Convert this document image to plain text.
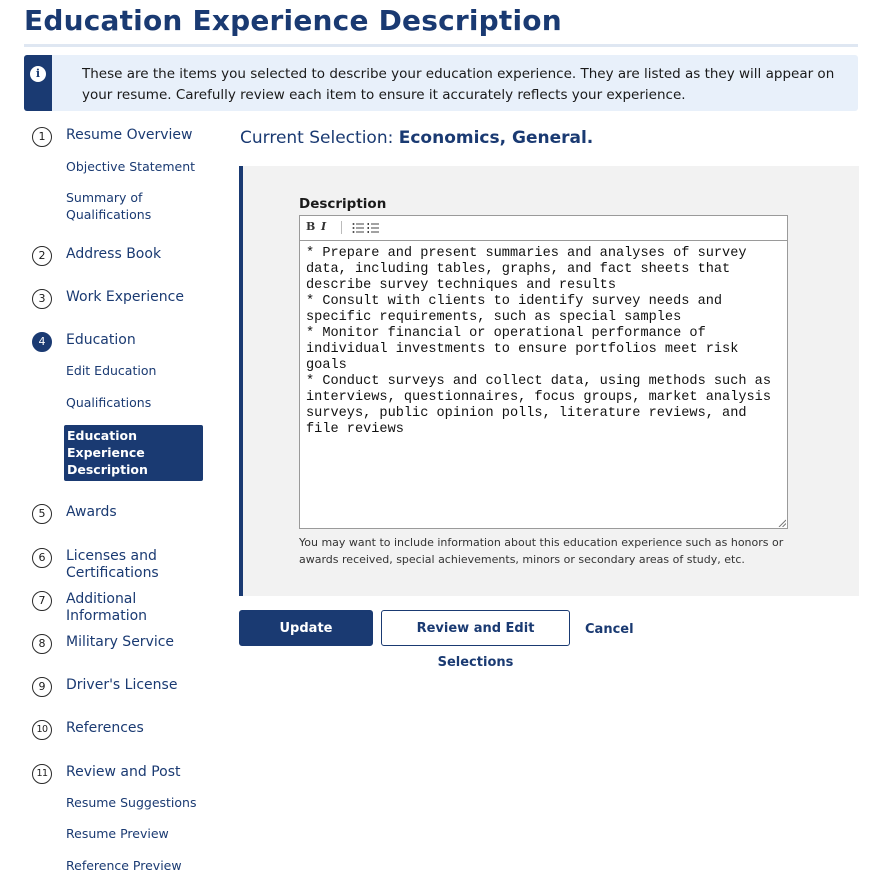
Education Experience Description
i	These are the items you selected to describe your education experience. They are listed as they will appear on your resume. Carefully review each item to ensure it accurately reflects your experience.
1	Resume Overview
Objective Statement
Summary of Qualifications
2	Address Book
3	Work Experience
4	Education
Edit Education
Qualifications
Education Experience Description
5	Awards
6	Licenses and Certifications
7	Additional Information
8	Military Service
9	Driver's License
10	References
11	Review and Post
Resume Suggestions
Resume Preview
Reference Preview
Current Selection: Economics, General.
Description
B I

* Prepare and present summaries and analyses of survey data, including tables, graphs, and fact sheets that describe survey techniques and results
* Consult with clients to identify survey needs and specific requirements, such as special samples
* Monitor financial or operational performance of individual investments to ensure portfolios meet risk goals
* Conduct surveys and collect data, using methods such as interviews, questionnaires, focus groups, market analysis surveys, public opinion polls, literature reviews, and file reviews

You may want to include information about this education experience such as honors or awards received, special achievements, minors or secondary areas of study, etc.
Update Education
Review and Edit Selections
Cancel
